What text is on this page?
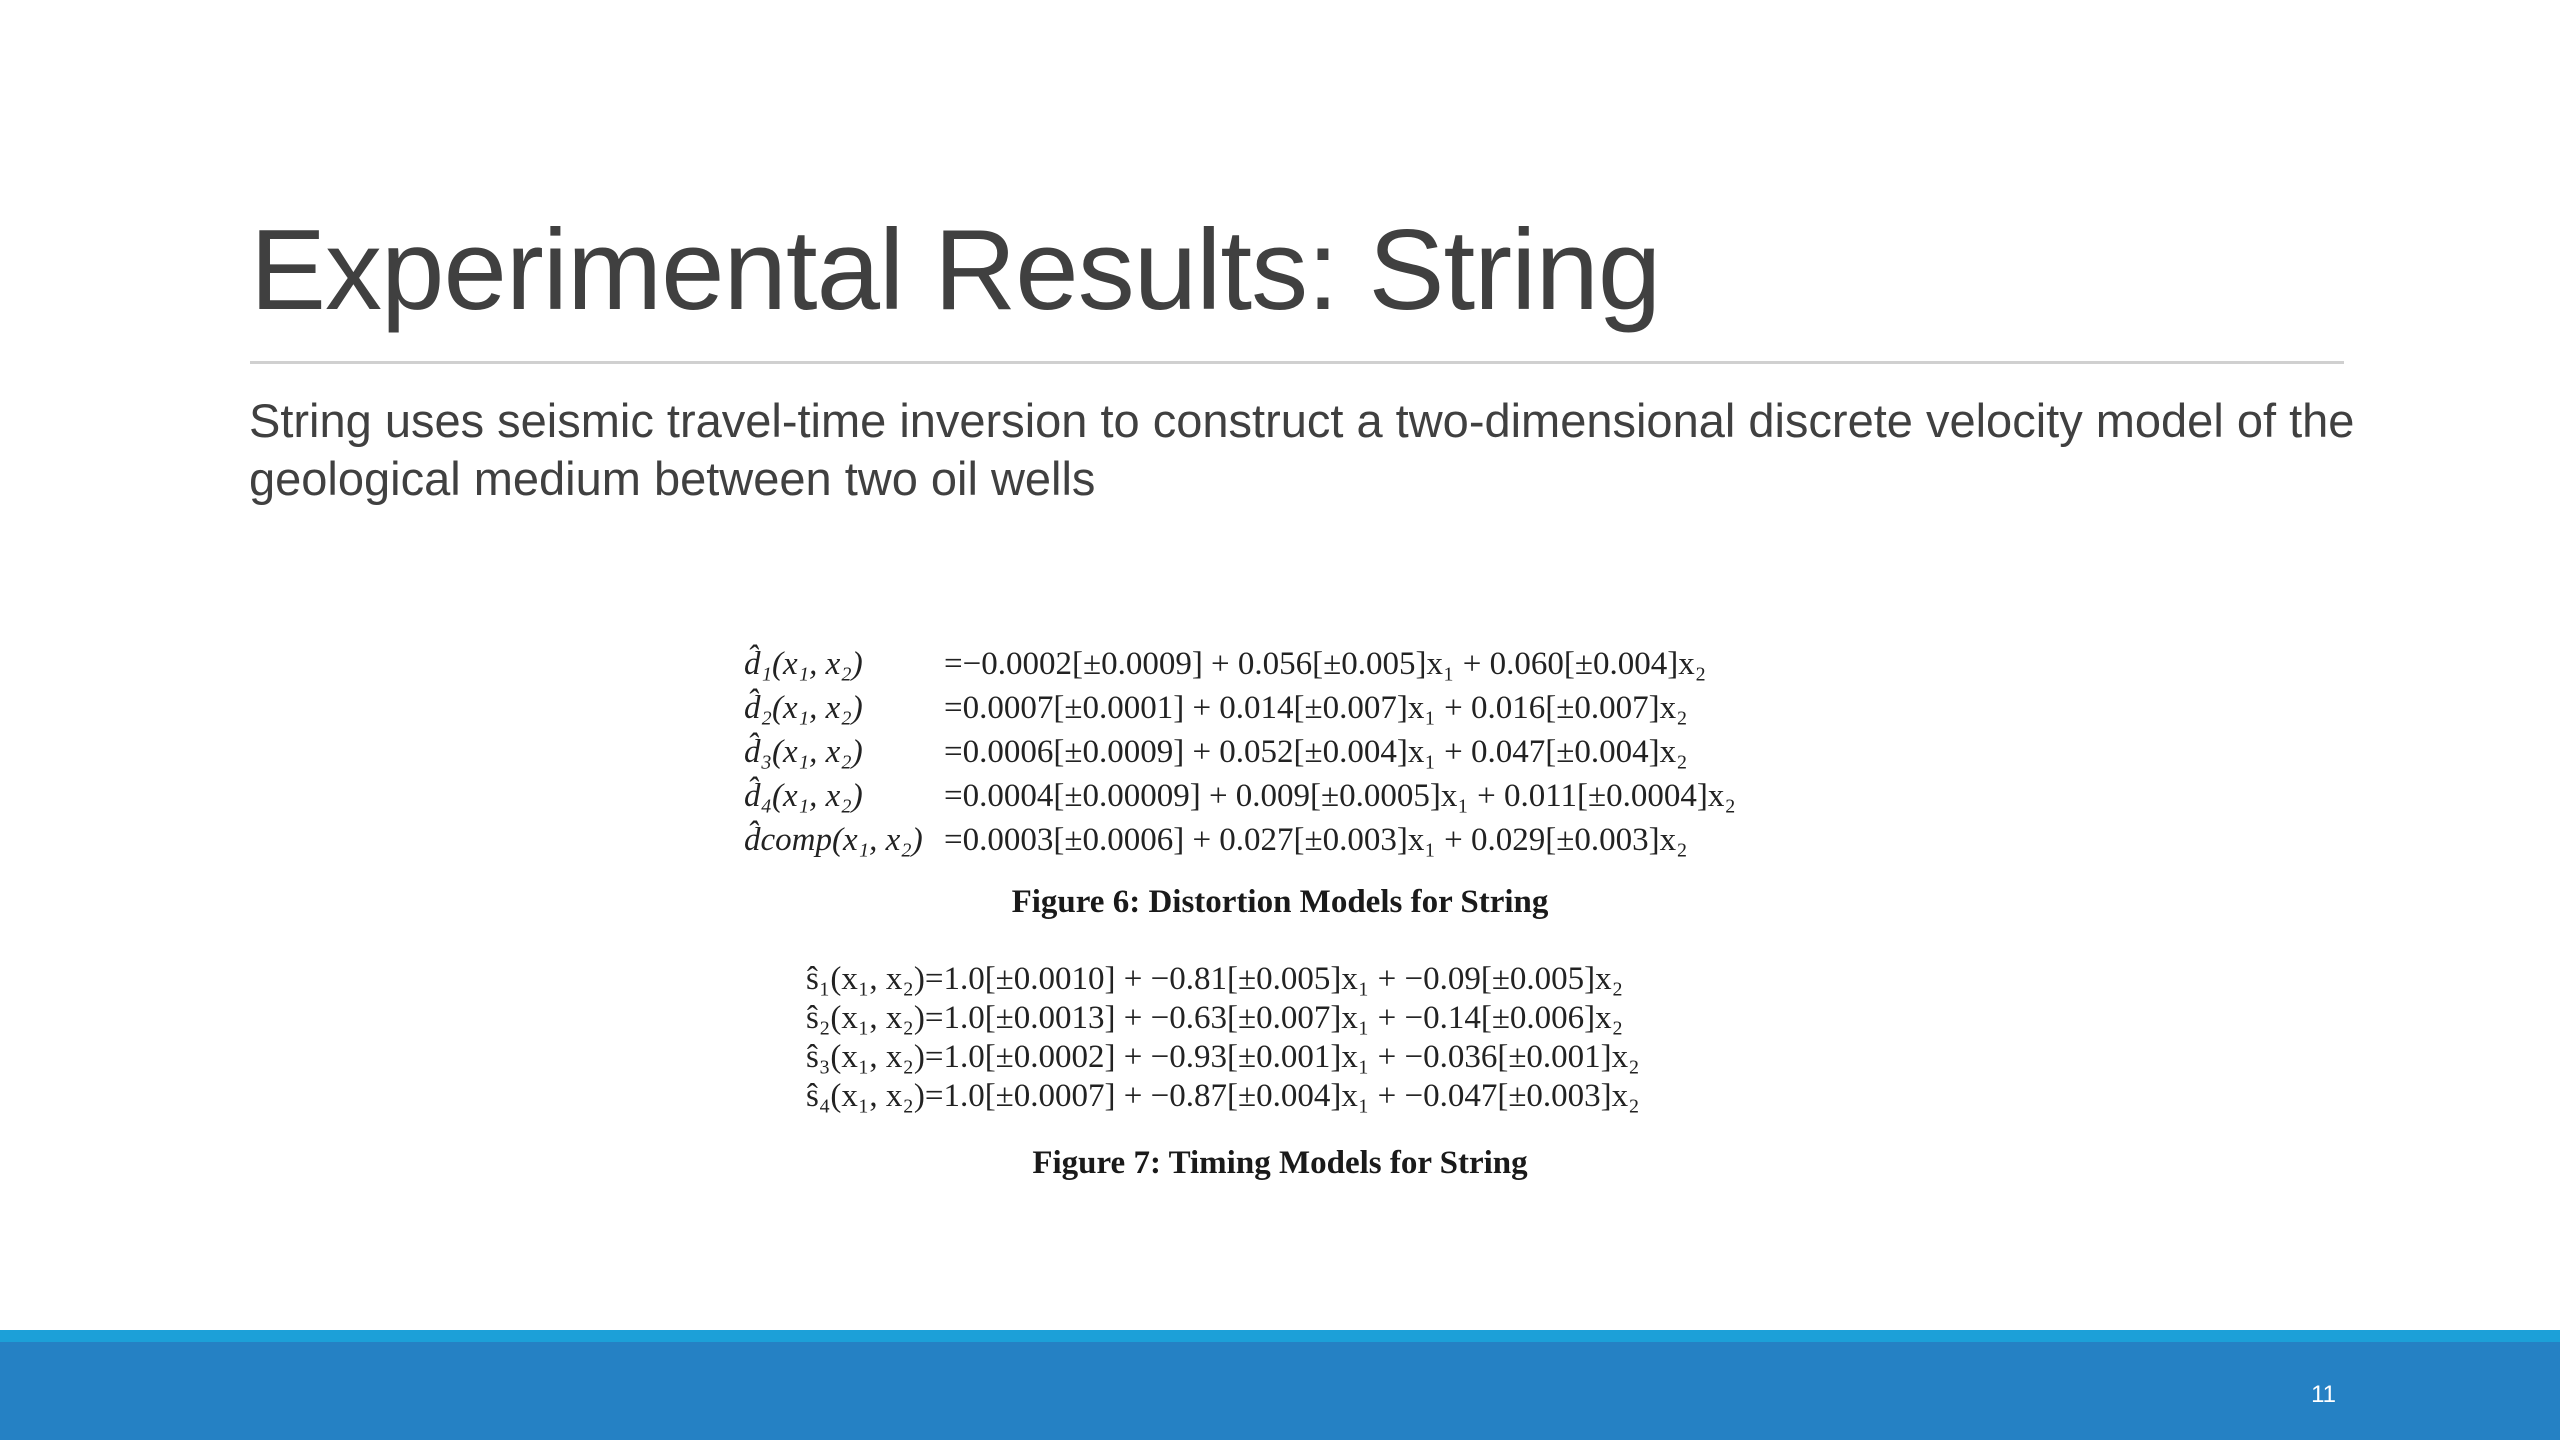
Experimental Results: String
String uses seismic travel-time inversion to construct a two-dimensional discrete velocity model of the geological medium between two oil wells
d̂₁(x₁, x₂) =−0.0002[±0.0009] + 0.056[±0.005]x₁ + 0.060[±0.004]x₂
d̂₂(x₁, x₂) =0.0007[±0.0001] + 0.014[±0.007]x₁ + 0.016[±0.007]x₂
d̂₃(x₁, x₂) =0.0006[±0.0009] + 0.052[±0.004]x₁ + 0.047[±0.004]x₂
d̂₄(x₁, x₂) =0.0004[±0.00009] + 0.009[±0.0005]x₁ + 0.011[±0.0004]x₂
d̂comp(x₁, x₂) =0.0003[±0.0006] + 0.027[±0.003]x₁ + 0.029[±0.003]x₂
Figure 6: Distortion Models for String
ŝ₁(x₁, x₂)=1.0[±0.0010] + −0.81[±0.005]x₁ + −0.09[±0.005]x₂
ŝ₂(x₁, x₂)=1.0[±0.0013] + −0.63[±0.007]x₁ + −0.14[±0.006]x₂
ŝ₃(x₁, x₂)=1.0[±0.0002] + −0.93[±0.001]x₁ + −0.036[±0.001]x₂
ŝ₄(x₁, x₂)=1.0[±0.0007] + −0.87[±0.004]x₁ + −0.047[±0.003]x₂
Figure 7: Timing Models for String
11
